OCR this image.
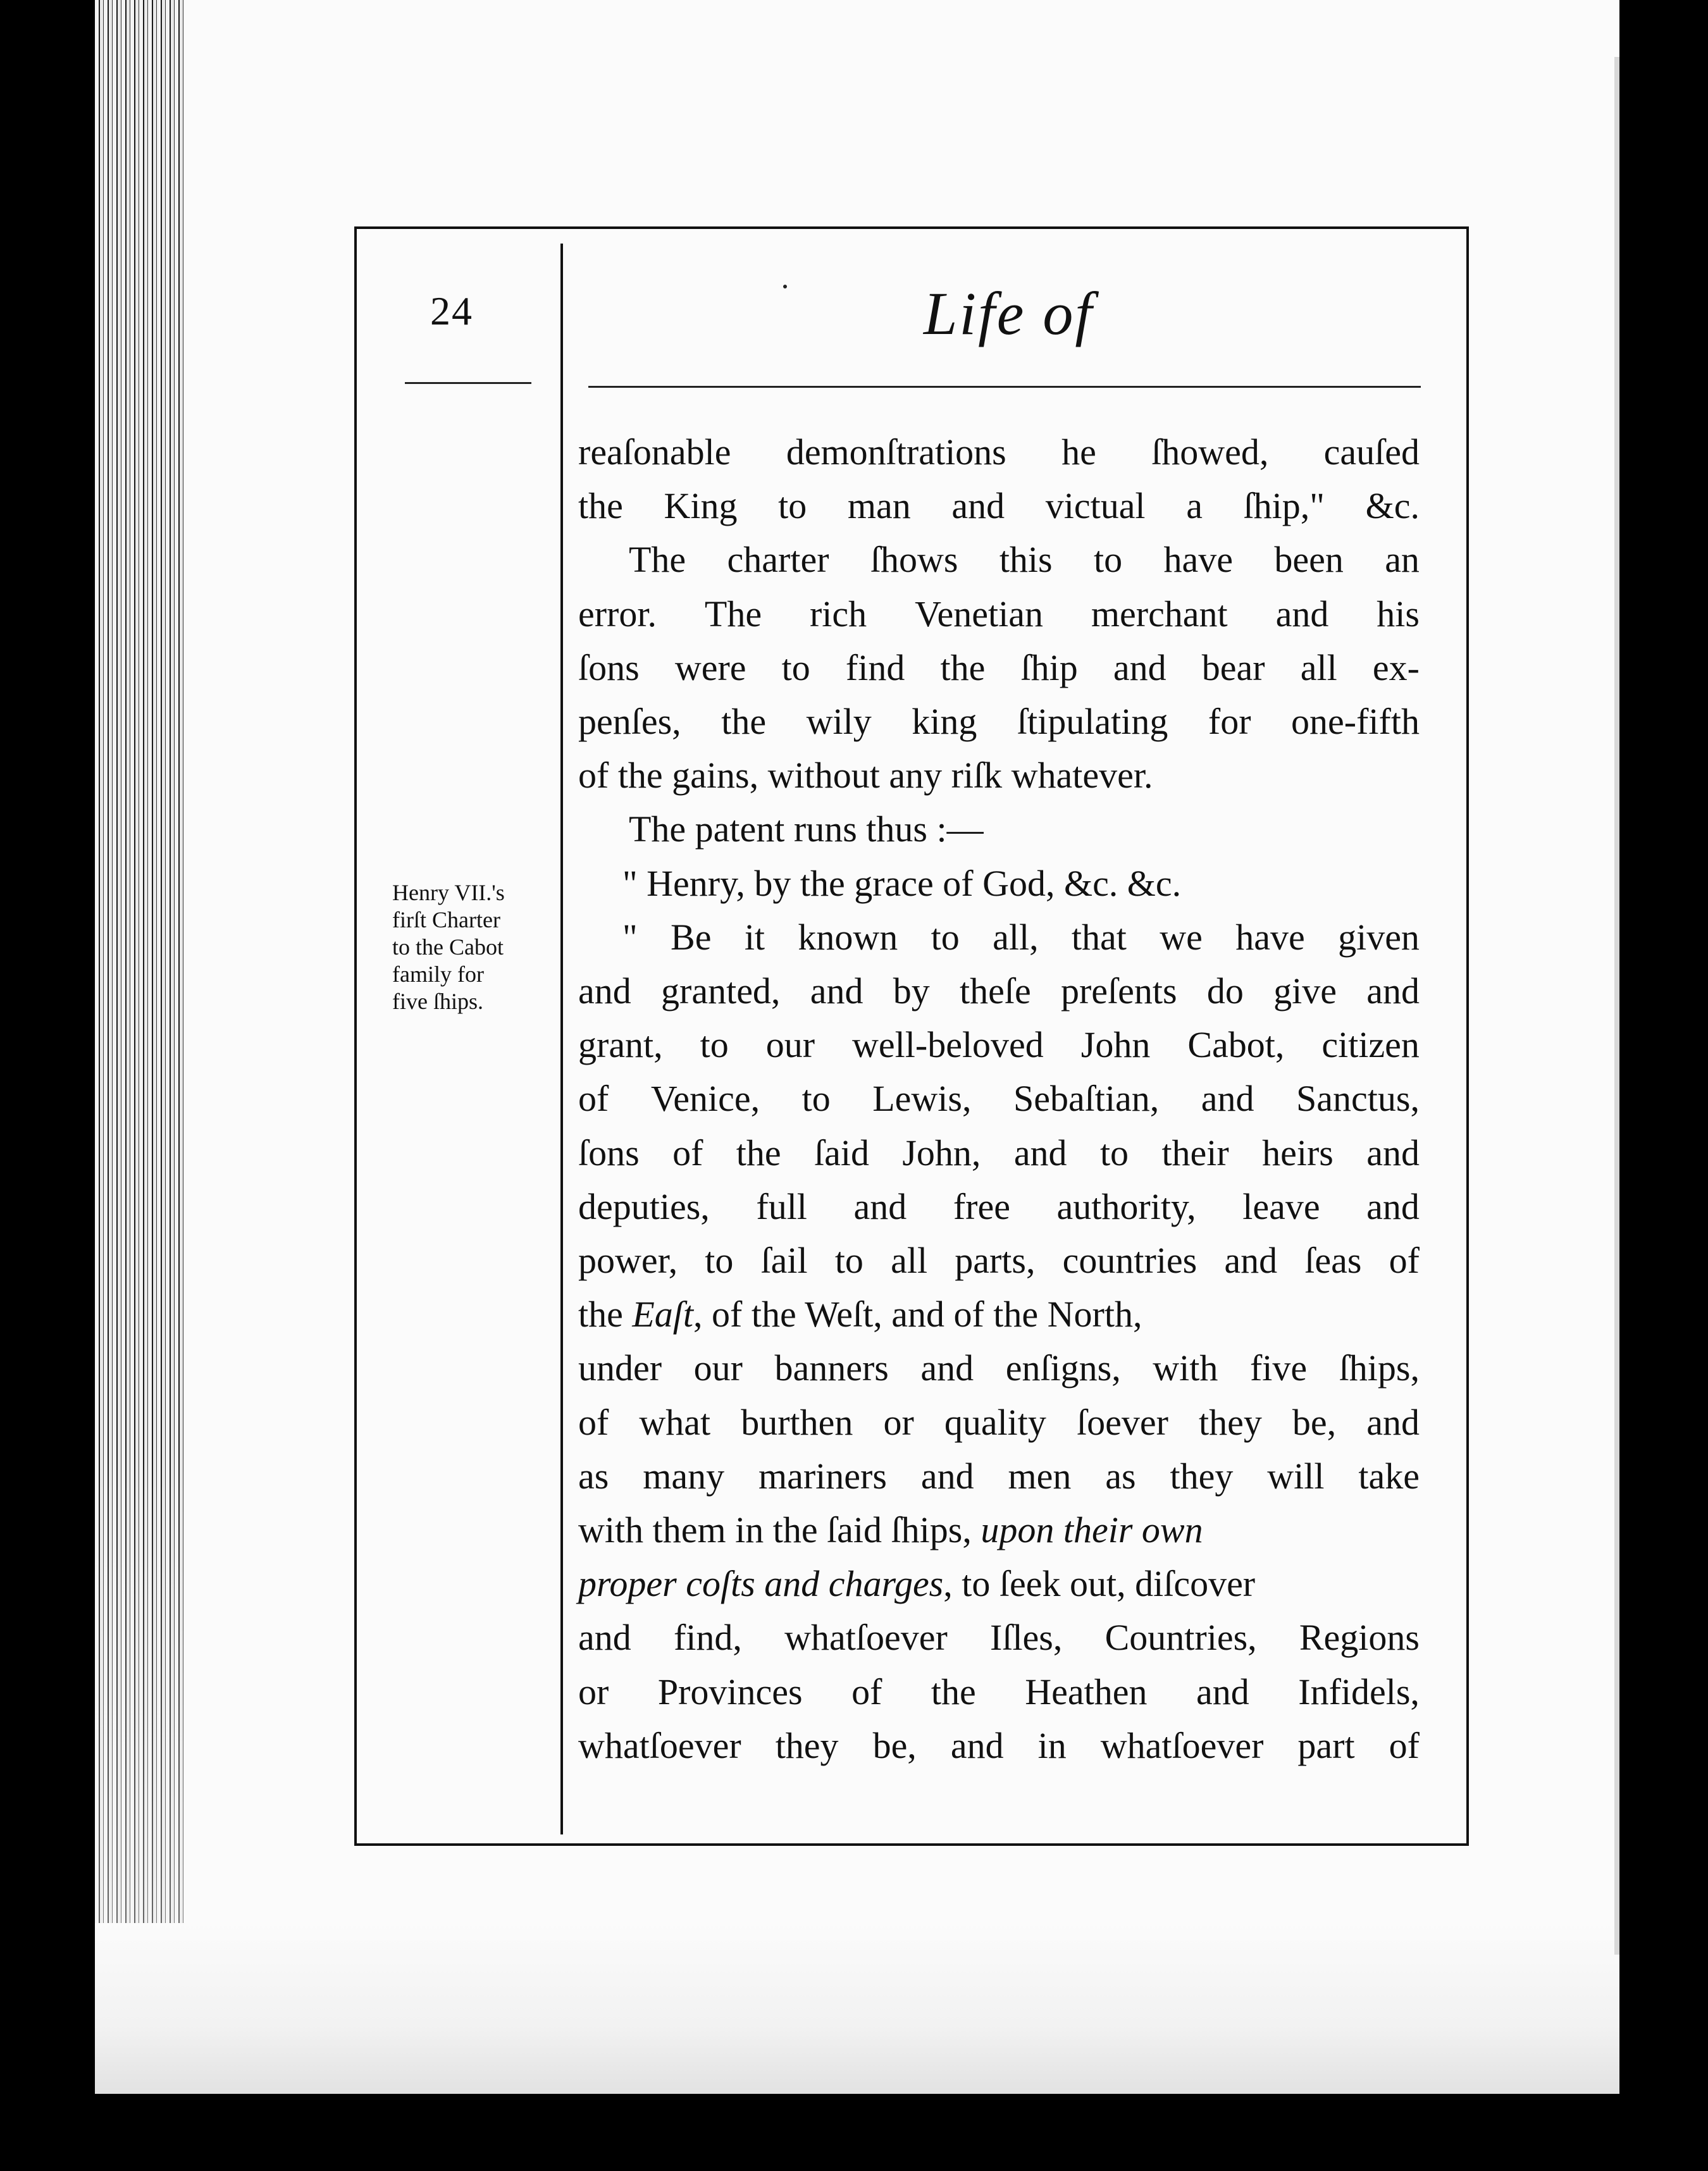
24	Life of
Henry VII.'s
firſt Charter
to the Cabot
family for
five ſhips.
reaſonable demonſtrations he ſhowed, cauſed
the King to man and victual a ſhip," &c.
The charter ſhows this to have been an
error. The rich Venetian merchant and his
ſons were to find the ſhip and bear all ex-
penſes, the wily king ſtipulating for one-fifth
of the gains, without any riſk whatever.
The patent runs thus :—
" Henry, by the grace of God, &c. &c.
" Be it known to all, that we have given
and granted, and by theſe preſents do give and
grant, to our well-beloved John Cabot, citizen
of Venice, to Lewis, Sebaſtian, and Sanctus,
ſons of the ſaid John, and to their heirs and
deputies, full and free authority, leave and
power, to ſail to all parts, countries and ſeas of
the
Eaſt , of the Weſt, and of the North,
under our banners and enſigns, with five ſhips,
of what burthen or quality ſoever they be, and
as many mariners and men as they will take
with them in the ſaid ſhips,
upon their own
proper coſts and charges , to ſeek out, diſcover
and find, whatſoever Iſles, Countries, Regions
or Provinces of the Heathen and Infidels,
whatſoever they be, and in whatſoever part of
